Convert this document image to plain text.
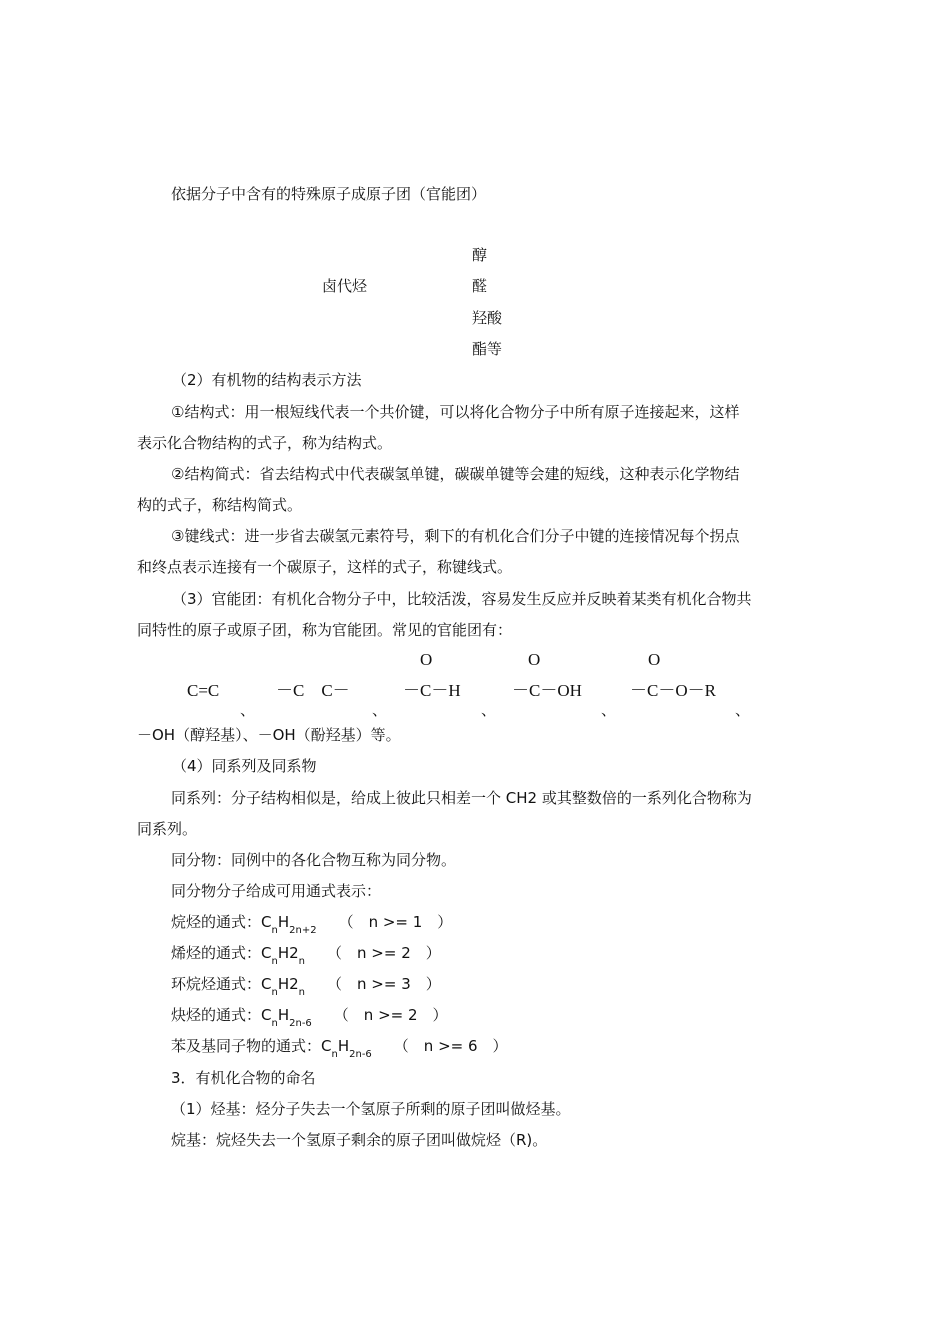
依据分子中含有的特殊原子成原子团（官能团）
卤代烃
醇
醛
羟酸
酯等
（2）有机物的结构表示方法
①结构式：用一根短线代表一个共价键，可以将化合物分子中所有原子连接起来，这样
表示化合物结构的式子，称为结构式。
②结构简式：省去结构式中代表碳氢单键，碳碳单键等会建的短线，这种表示化学物结
构的式子，称结构简式。
③键线式：进一步省去碳氢元素符号，剩下的有机化合们分子中键的连接情况每个拐点
和终点表示连接有一个碳原子，这样的式子，称键线式。
（3）官能团：有机化合物分子中，比较活泼，容易发生反应并反映着某类有机化合物共
同特性的原子或原子团，称为官能团。常见的官能团有：
O	O	O
C=C	－C　C－	－C－H	－C－OH	－C－O－R
、	、	、	、	、
－OH（醇羟基）、－OH（酚羟基）等。
（4）同系列及同系物
同系列：分子结构相似是，给成上彼此只相差一个 CH2 或其整数倍的一系列化合物称为
同系列。
同分物：同例中的各化合物互称为同分物。
同分物分子给成可用通式表示：
烷烃的通式：$C_nH_{2n+2}$ （　n >= 1　）
烯烃的通式：$C_nH2_n$ （　n >= 2　）
环烷烃通式：$C_nH2_n$ （　n >= 3　）
炔烃的通式：$C_nH_{2n-6}$ （　n >= 2　）
苯及基同子物的通式：$C_nH_{2n-6}$ （　n >= 6　）
3．有机化合物的命名
（1）烃基：烃分子失去一个氢原子所剩的原子团叫做烃基。
烷基：烷烃失去一个氢原子剩余的原子团叫做烷烃（R)。
